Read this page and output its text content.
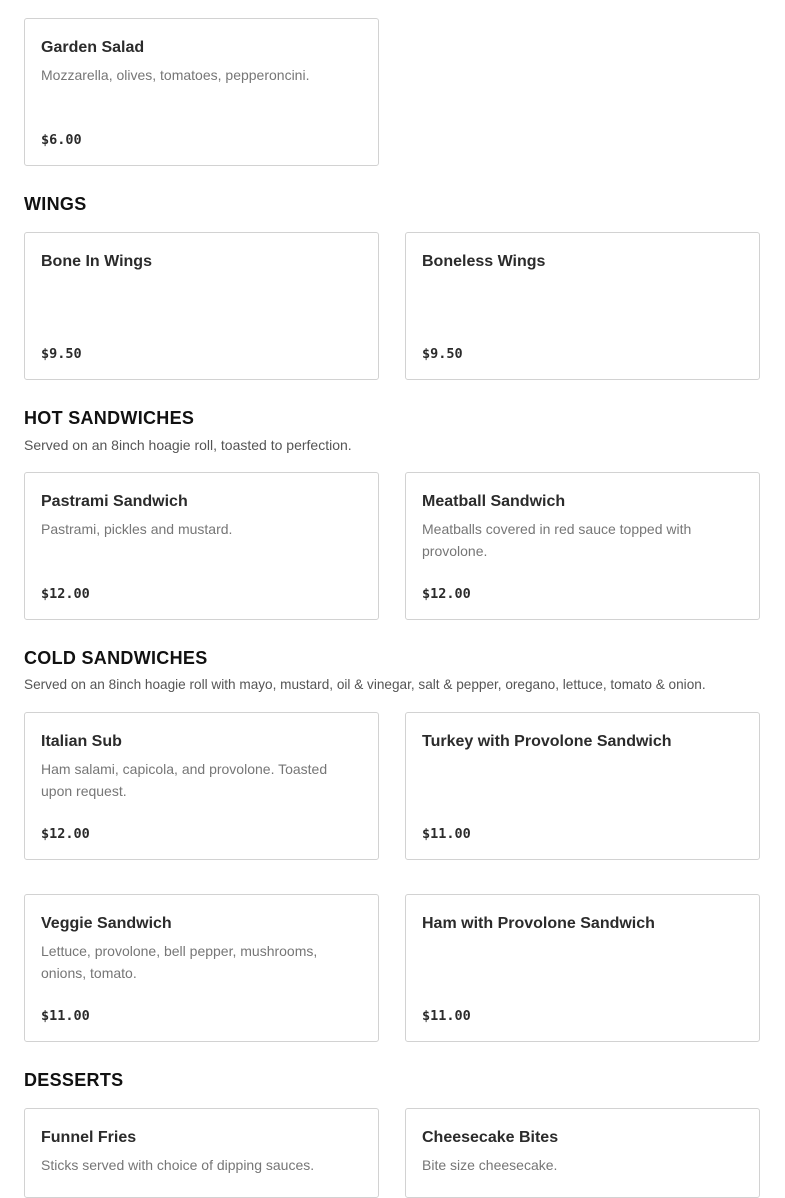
Garden Salad
Mozzarella, olives, tomatoes, pepperoncini.
$6.00
WINGS
Bone In Wings
$9.50
Boneless Wings
$9.50
HOT SANDWICHES
Served on an 8inch hoagie roll, toasted to perfection.
Pastrami Sandwich
Pastrami, pickles and mustard.
$12.00
Meatball Sandwich
Meatballs covered in red sauce topped with provolone.
$12.00
COLD SANDWICHES
Served on an 8inch hoagie roll with mayo, mustard, oil & vinegar, salt & pepper, oregano, lettuce, tomato & onion.
Italian Sub
Ham salami, capicola, and provolone. Toasted upon request.
$12.00
Turkey with Provolone Sandwich
$11.00
Veggie Sandwich
Lettuce, provolone, bell pepper, mushrooms, onions, tomato.
$11.00
Ham with Provolone Sandwich
$11.00
DESSERTS
Funnel Fries
Sticks served with choice of dipping sauces.
Cheesecake Bites
Bite size cheesecake.
